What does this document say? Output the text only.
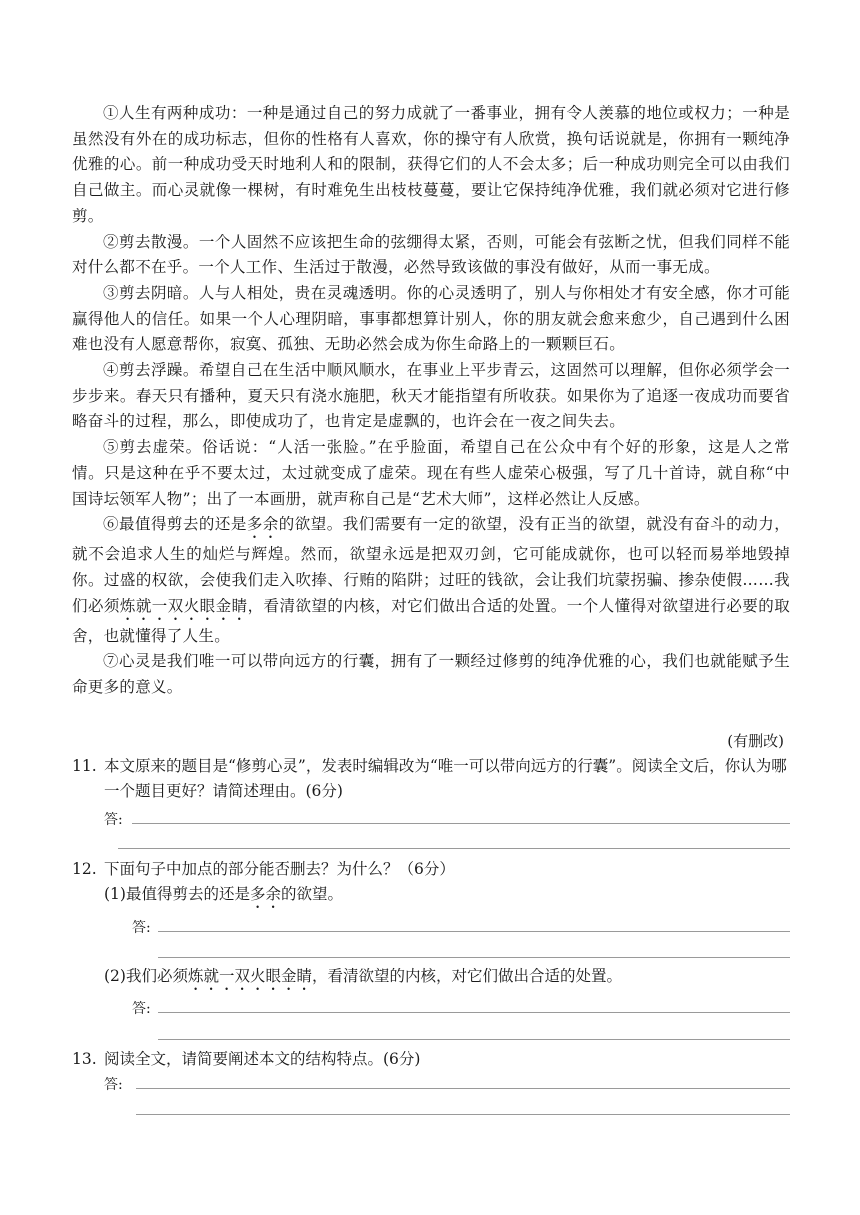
①人生有两种成功：一种是通过自己的努力成就了一番事业，拥有令人羡慕的地位或权力；一种是虽然没有外在的成功标志，但你的性格有人喜欢，你的操守有人欣赏，换句话说就是，你拥有一颗纯净优雅的心。前一种成功受天时地利人和的限制，获得它们的人不会太多；后一种成功则完全可以由我们自己做主。而心灵就像一棵树，有时难免生出枝枝蔓蔓，要让它保持纯净优雅，我们就必须对它进行修剪。

②剪去散漫。一个人固然不应该把生命的弦绷得太紧，否则，可能会有弦断之忧，但我们同样不能对什么都不在乎。一个人工作、生活过于散漫，必然导致该做的事没有做好，从而一事无成。

③剪去阴暗。人与人相处，贵在灵魂透明。你的心灵透明了，别人与你相处才有安全感，你才可能赢得他人的信任。如果一个人心理阴暗，事事都想算计别人，你的朋友就会愈来愈少，自己遇到什么困难也没有人愿意帮你，寂寞、孤独、无助必然会成为你生命路上的一颗颗巨石。

④剪去浮躁。希望自己在生活中顺风顺水，在事业上平步青云，这固然可以理解，但你必须学会一步步来。春天只有播种，夏天只有浇水施肥，秋天才能指望有所收获。如果你为了追逐一夜成功而要省略奋斗的过程，那么，即使成功了，也肯定是虚飘的，也许会在一夜之间失去。

⑤剪去虚荣。俗话说：“人活一张脸。”在乎脸面，希望自己在公众中有个好的形象，这是人之常情。只是这种在乎不要太过，太过就变成了虚荣。现在有些人虚荣心极强，写了几十首诗，就自称“中国诗坛领军人物”；出了一本画册，就声称自己是“艺术大师”，这样必然让人反感。

⑥最值得剪去的还是多余的欲望。我们需要有一定的欲望，没有正当的欲望，就没有奋斗的动力，就不会追求人生的灿烂与辉煌。然而，欲望永远是把双刃剑，它可能成就你，也可以轻而易举地毁掉你。过盛的权欲，会使我们走入吹捧、行贿的陷阱；过旺的钱欲，会让我们坑蒙拐骗、掺杂使假……我们必须炼就一双火眼金睛，看清欲望的内核，对它们做出合适的处置。一个人懂得对欲望进行必要的取舍，也就懂得了人生。

⑦心灵是我们唯一可以带向远方的行囊，拥有了一颗经过修剪的纯净优雅的心，我们也就能赋予生命更多的意义。

(有删改)
11. 本文原来的题目是“修剪心灵”，发表时编辑改为“唯一可以带向远方的行囊”。阅读全文后，你认为哪一个题目更好？请简述理由。(6分)
答:
12. 下面句子中加点的部分能否删去？为什么？（6分）
(1)最值得剪去的还是多余的欲望。
答:
(2)我们必须炼就一双火眼金睛，看清欲望的内核，对它们做出合适的处置。
答:
13. 阅读全文，请简要阐述本文的结构特点。(6分)
答:
